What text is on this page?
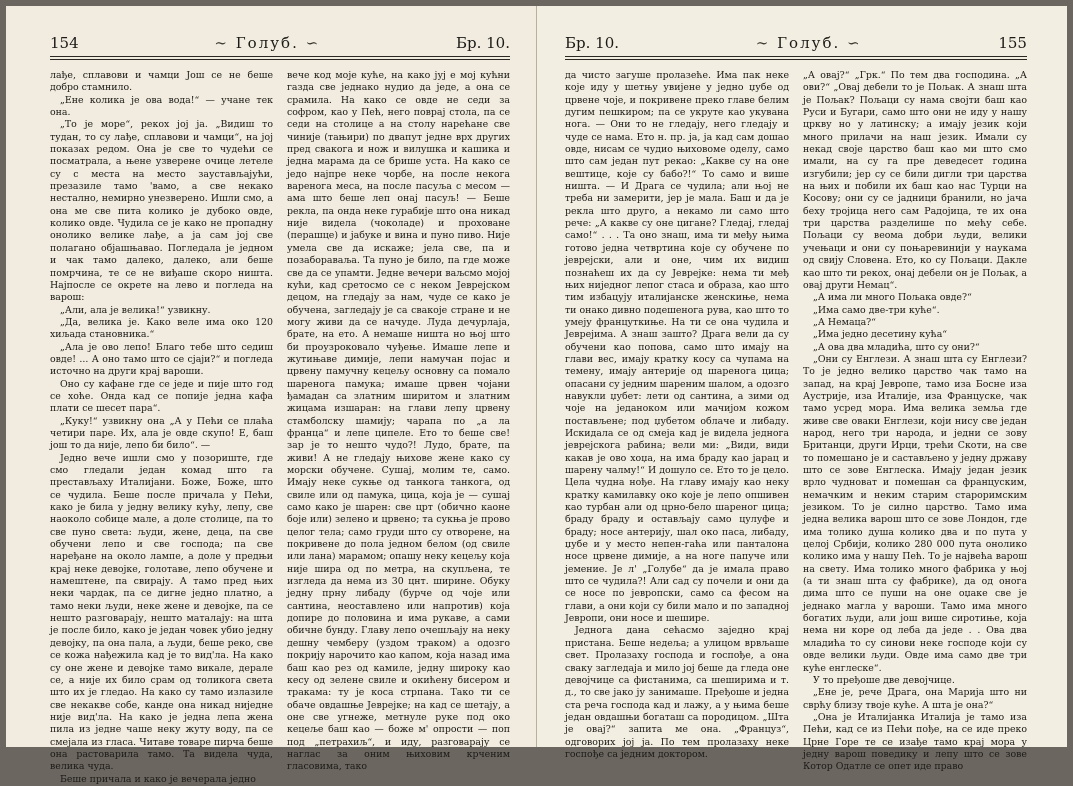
154	∼ Голуб. ∽	Бр. 10.

лађе, сплавови и чамци Још се не беше добро стамнило.

„Ене колика је ова вода!“ — учане тек она.

„То је море“, рекох јој ја. „Видиш то тудан, то су лађе, сплавови и чамци“, на јој показах редом. Она је све то чудећи се посматрала, а њене узверене очице летеле су с места на место заустављајући, презазиле тамо 'вамо, а све некако нестално, немирно унезверено. Ишли смо, а она ме све пита колико је дубоко овде, колико овде. Чудила се је како не пропадну онолико велике лађе, а ја сам јој све полагано објашњавао. Погледала је једном и чак тамо далеко, далеко, али беше помрчина, те се не виђаше скоро ништа. Најпосле се окрете на лево и погледа на варош:

„Али, ала је велика!“ узвикну.

„Да, велика је. Како веле има око 120 хиљада становника.“

„Ала је ово лепо! Благо тебе што седиш овде! ... А оно тамо што се сјаји?“ и погледа источно на други крај вароши.

Оно су кафане где се једе и пије што год се хоће. Онда кад се попије једна кафа плати се шесет пара“.

„Куку!“ узвикну она „А у Пећи се плаћа четири паре. Их, ала је овде скупо! Е, баш још то да није, лепо би било“. —

Једно вече ишли смо у позориште, где смо гледали један комад што га престављаху Италијани. Боже, Боже, што се чудила. Беше после причала у Пећи, како је била у једну велику кућу, лепу, све наоколо собице мале, а доле столице, па то све пуно света: људи, жене, деца, па све обучени лепо и све господа; па све наређане на около лампе, а доле у предњи крај неке девојке, голотаве, лепо обучене и намештене, па свирају. А тамо пред њих неки чардак, па се дигне једно платно, а тамо неки људи, неке жене и девојке, па се нешто разговарају, нешто маталају: на шта је после било, како је један човек убио једну девојку, па она пала, а људи, беше реко, све се кожа нађежила кад је то вид'ла. На како су оне жене и девојке тамо викале, дерале се, а није их било срам од толикога света што их је гледао. На како су тамо излазиле све некакве собе, канде она никад ниједне није вид'ла. На како је једна лепа жена пила из једне чаше неку жуту воду, па се смејала из гласа. Читаве товаре пирча беше она растоварила тамо. Та видела чуда, велика чуда.

Беше причала и како је вечерала једно

вече код моје куће, на како јуј е мој кућни газда све једнако нудио да једе, а она се срамила. На како се овде не седи за софром, као у Пећ, него поврај стола, па се седи на столице а на столу нарећане све чиније (тањири) по двапут једне врх других пред свакога и нож и вилушка и кашика и једна марама да се брише уста. На како се једо најпре неке чорбе, на после некога варенога меса, на после пасуља с месом — ама што беше леп онај пасуљ! — Беше рекла, па онда неке гурабије што она никад није видела (чоколаде) и проховане (перашце) и јабуке и вина и пуно пиво. Није умела све да искаже; јела све, па и позабораваља. Та пуно је било, па где може све да се упамти. Једне вечери ваљсмо мојој кући, кад сретосмо се с неком Јеврејском децом, на гледају за нам, чуде се како је обучена, загледају је са свакоје стране и не могу живи да се начуде. Луда дечурлаја, брате, на ето. А немаше ништа но њој што би проузроковало чуђење. Имаше лепе и жутињаве димије, лепи намучан појас и црвену памучну кецељу основну са помало шареногa памука; имаше црвен чојани ђамадан са златним ширитом и златним жицама изшаран: на глави лепу црвену стамболску шамију; чарапа по „а ла франца“ и лепе ципеле. Ето то беше све! зар је то нешто чудо?! Лудо, брате, па живи! А не гледају њихове жене како су морски обучене. Сушај, молим те, само. Имају неке сукње од танкога танкога, од свиле или од памука, цица, која је — сушај само како је шарен: све црт (обично каоне боје или) зелено и црвено; та сукња је прово целог тела; само груди што су отворене, на покривене до пола једном белом (од свиле или лана) марамом; опашу неку кецељу која није шира од по метра, на скупљена, те изгледа да нема из 30 цнт. ширине. Обуку једну прну либаду (бурче од чоје или сантина, неоставлено или напротив) која допире до половина и има рукаве, а сами обичне бунду. Главу лепо очешљају на неку дешну чемберу (уздом траком) а одозго покрију нарочито као капом, која назад има баш као рез од камиле, једну широку као кесу од зелене свиле и окићену бисером и тракама: ту је коса стрпана. Тако ти се обаче овдашње Јеврејке; на кад се шетају, а оне све угнеже, метнуле руке под окo кецеље баш као — боже м' опрости — поп под „петрахиљ“, и иду, разговарају се наглас за оним њиховим крченим гласовима, тако

Бр. 10.	∼ Голуб. ∽	155

да чисто загуше пролазеће. Има пак неке које иду у шетњу увијене у једно џубе од црвене чоје, и покривене преко главе белим дугим пешкиром; па се укруте као укувана нога. — Они то не гледају, него гледају и чуде се нама. Ето н. пр. ја, ја кад сам дошао овде, нисам се чудио њиховоме оделу, само што сам један пут рекао: „Какве су на оне вештице, које су бабо?!“ То само и више ништа. — И Драга се чудила; али њој не треба ни замерити, јер је мала. Баш и да је рекла што друго, а некамо ли само што рече: „А какве су оне цигане? Гледај, гледај само!“ . . . Та оно знаш, има ти међу њима готово једна четвртина које су обучене по јеврејски, али и оне, чим их видиш познаћеш их да су Јеврејке: нема ти међ њих ниједног лепог стаса и образа, као што тим избацују италијанске женскиње, нема ти онако дивно подешенога рува, као што то умеју француткиње. На ти се она чудила и Јеврејима. А знаш зашто? Драга вели да су обучени као поповa, само што имају на глави вес, имају кратку косу са чупама на темену, имају антерије од шаренога цица; опасани су једним шареним шалом, а одозго навукли џубет: лети од сантина, а зими од чоје на једаноком или мачијом кожом постављене; под џубетом облаче и либаду. Искидала се од смеја кад је видела једнога јеврејскога рабина; вели ми: „Види, види какав је ово хоџа, на има браду као јарац и шарену чалму!“ И дошуло се. Ето то је цело. Цела чудна нође. На главу имају као неку кратку камилавку око које је лепо опшивен као турбан али од црно-бело шареног цица; браду браду и остављају само цулуфе и браду; носе антерију, шал око паса, либаду, џубе и у место непен-гаћа или панталона носе црвене димије, а на ноге папуче или јемение. Је л' „Голубе“ да је имала право што се чудила?! Али сад су почели и они да се носе по јевропски, само са фесом на глави, а они који су били мало и по западној Јевропи, они носе и шешире.

Једнога дана сећасмо заједно крај пристана. Беше недеља; а улицом врвљаше свет. Пролазаху господа и госпође, а она сваку загледаја и мило јој беше да гледа оне девојчице са фистанима, са шеширима и т. д., то све јако ју занимаше. Пређоше и једна ста реча господа кад и лажу, а у њима беше један овдашњи богаташ са породицом. „Шта је овај?“ запита ме она. „Француз“, одговорих јој ја. По тем пролазаху неке госпође са једним доктором.

„А овај?“ „Грк.“ По тем два господина. „А ови?“ „Овај дебели то је Пољак. А знаш шта је Пољак? Пољаци су нама својти баш као Руси и Бугари, само што они не иду у нашу цркву но у латинску; а имају језик који много прилачи на наш језик. Имали су некад своје царство баш као ми што смо имали, на су га пре деведесет година изгубили; јер су се били дигли три царства на њих и побили их баш као нас Турци на Косову; они су се јадници бранили, но јача беху тројица него сам Радојица, те их она три царства разделише по мећу себе. Пољаци су веома добри људи, велики учењаци и они су поњаревинији у наукама од свију Словена. Ето, ко су Пољаци. Дакле као што ти рекох, онај дебели он је Пољак, а овај други Немац“.

„А има ли много Пољака овде?“

„Има само две-три куће“.

„А Немаца?“

„Има једно десетину кућа“

„А ова два младића, што су они?“

„Они су Енглези. А знаш шта су Енглези? То је једно велико царство чак тамо на запад, на крај Јевропе, тамо иза Босне иза Аустрије, иза Италије, иза Француске, чак тамо усред мора. Има велика земља где живе све оваки Енглези, који нису све један народ, него три народа, и једни се зову Британци, други Ирци, трећи Скоти, на све то помешано је и састављено у једну државу што се зове Енглеска. Имају један језик врло чудноват и помешан са француским, немачким и неким старим староримским језиком. То је силно царство. Тамо има једна велика варош што се зове Лондон, где има толико душа колико два и по пута у целој Србији, колико 280 000 пута онолико колико има у нашу Пећ. То је највећа варош на свету. Има толико много фабрика у њој (а ти знаш шта су фабрике), да од онога дима што се пуши на оне оџаке све је једнако магла у вароши. Тамо има много богатих људи, али још више сиротиње, која нема ни коре од леба да једе . . Ова два младића то су синови неке господе који су овде велики људи. Овде има само две три куће енглеске“.

У то пређоше две девојчице.

„Ене је, рече Драга, она Марија што ни сврћу близу твоје куће. А шта је она?“

„Она је Италијанка Италија је тамо иза Пећи, кад се из Пећи пође, на се иде преко Црне Горе те се изађе тамо крај мора у једну варош поведику и лепу што се зове Котор Одатле се опет иде право
